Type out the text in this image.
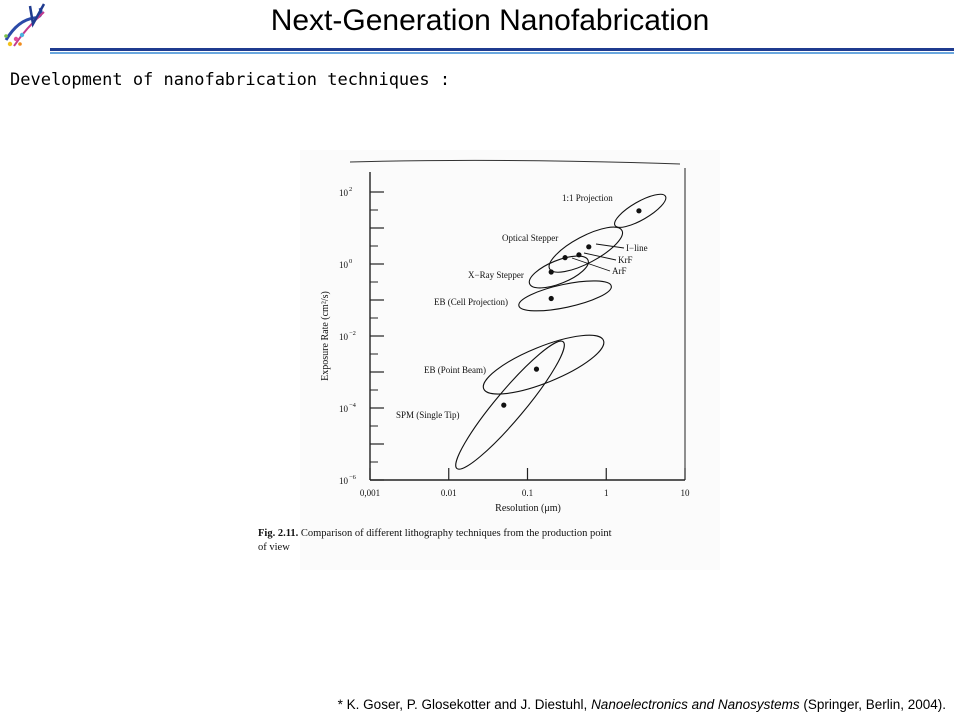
Next-Generation Nanofabrication
Development of nanofabrication techniques :
10 −6
10 −4
10 −2
10 0
10 2
0,001	0.01	0.1	1	10
1:1 Projection
Optical Stepper
I−line
KrF
ArF
X−Ray Stepper
EB (Cell Projection)
EB (Point Beam)
SPM (Single Tip)
Resolution (μm)
Exposure Rate (cm²/s)
Fig. 2.11. Comparison of different lithography techniques from the production point
of view
* K. Goser, P. Glosekotter and J. Diestuhl, Nanoelectronics and Nanosystems (Springer, Berlin, 2004).
